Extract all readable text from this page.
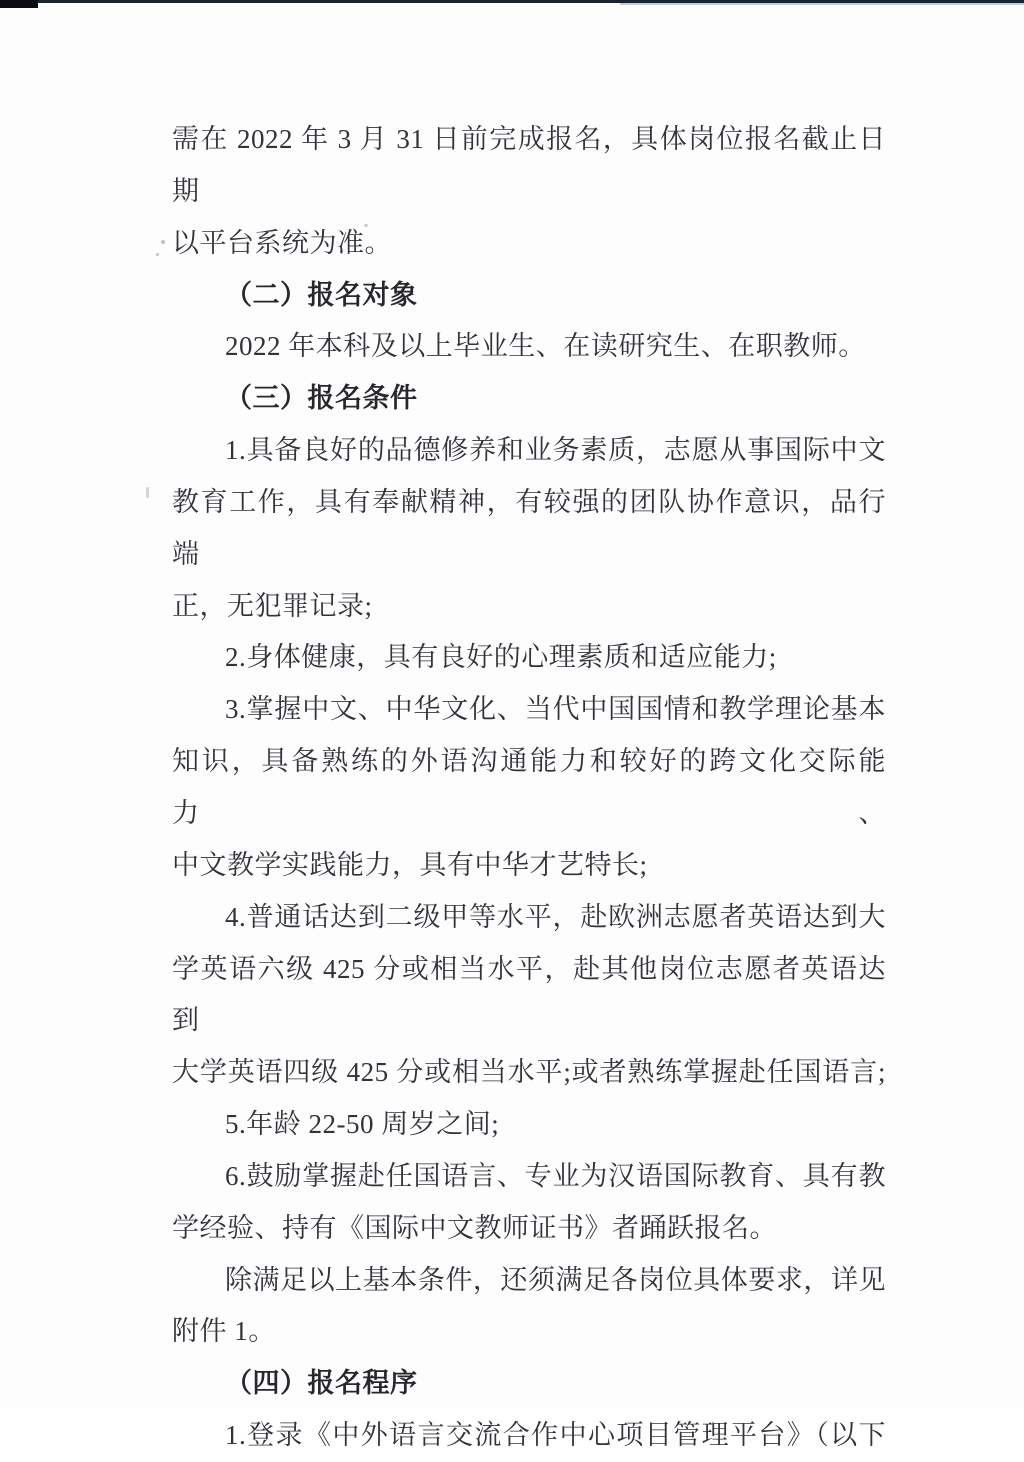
需在 2022 年 3 月 31 日前完成报名，具体岗位报名截止日期
以平台系统为准。
（二）报名对象
2022 年本科及以上毕业生、在读研究生、在职教师。
（三）报名条件
1.具备良好的品德修养和业务素质，志愿从事国际中文
教育工作，具有奉献精神，有较强的团队协作意识，品行端
正，无犯罪记录;
2.身体健康，具有良好的心理素质和适应能力;
3.掌握中文、中华文化、当代中国国情和教学理论基本
知识，具备熟练的外语沟通能力和较好的跨文化交际能力、
中文教学实践能力，具有中华才艺特长;
4.普通话达到二级甲等水平，赴欧洲志愿者英语达到大
学英语六级 425 分或相当水平，赴其他岗位志愿者英语达到
大学英语四级 425 分或相当水平;或者熟练掌握赴任国语言;
5.年龄 22-50 周岁之间;
6.鼓励掌握赴任国语言、专业为汉语国际教育、具有教
学经验、持有《国际中文教师证书》者踊跃报名。
除满足以上基本条件，还须满足各岗位具体要求，详见
附件 1。
（四）报名程序
1.登录《中外语言交流合作中心项目管理平台》（以下
